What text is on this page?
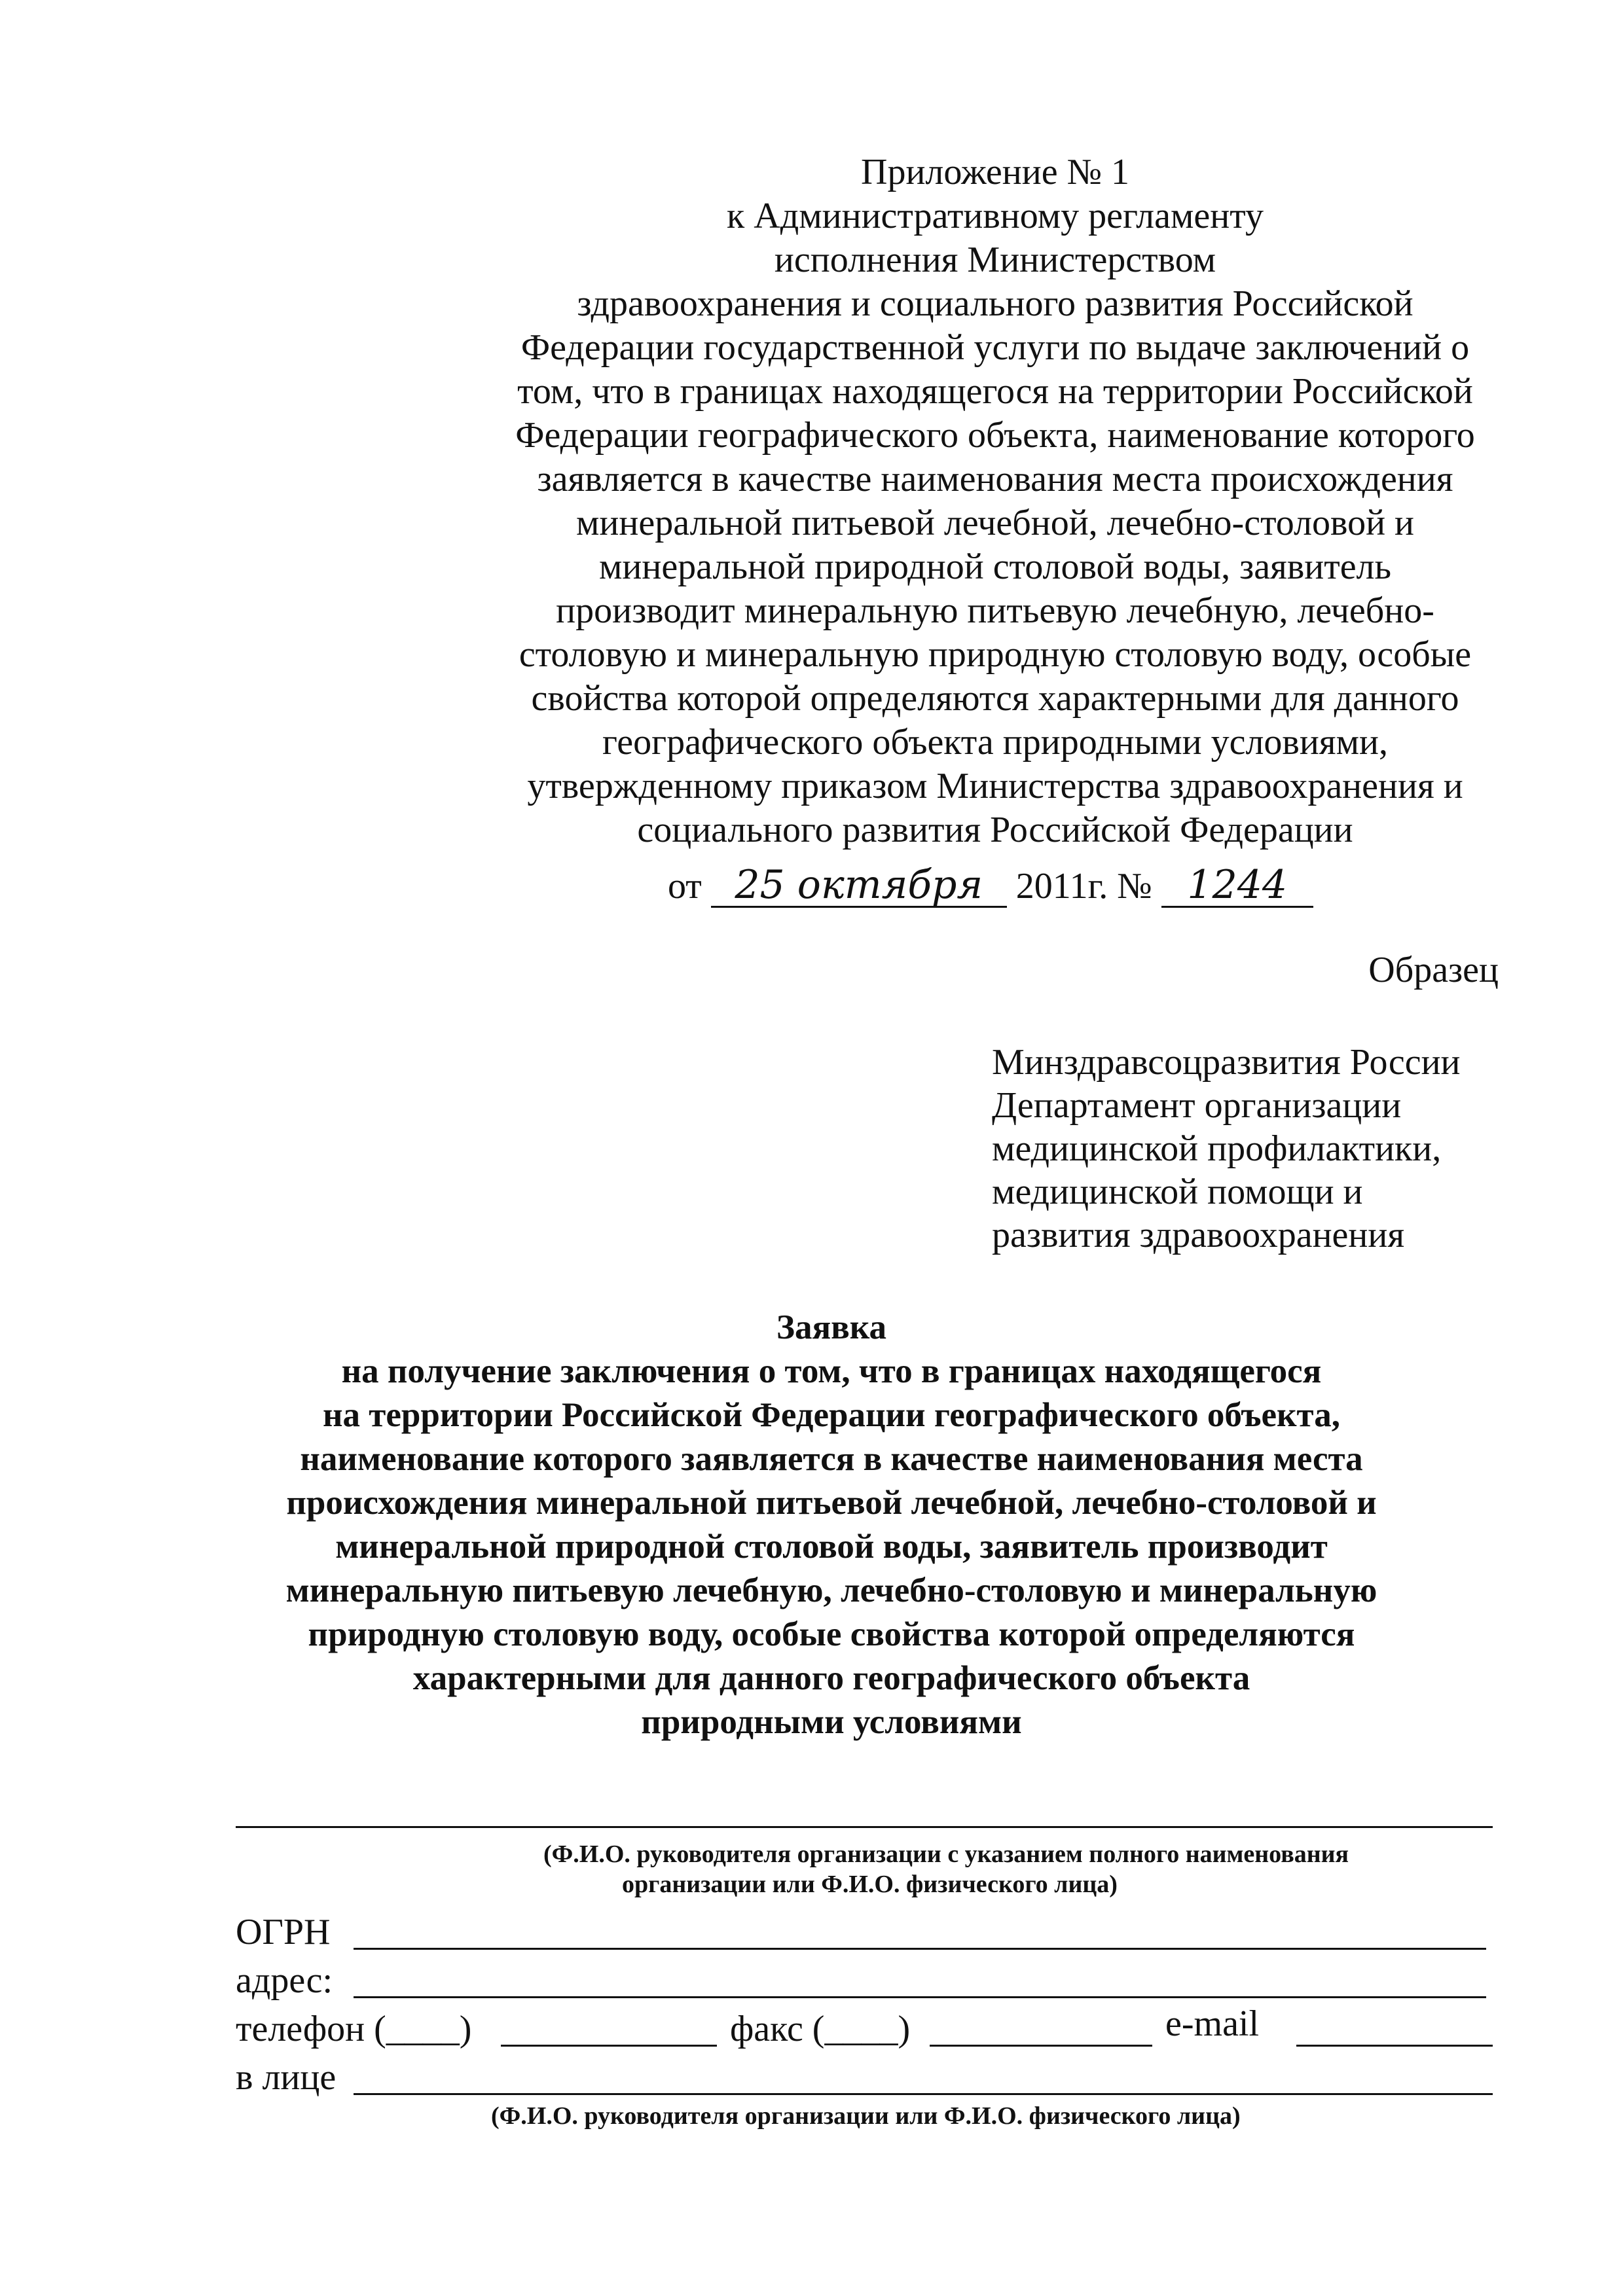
Приложение № 1
к Административному регламенту
исполнения Министерством
здравоохранения и социального развития Российской
Федерации государственной услуги по выдаче заключений о
том, что в границах находящегося на территории Российской
Федерации географического объекта, наименование которого
заявляется в качестве наименования места происхождения
минеральной питьевой лечебной, лечебно-столовой и
минеральной природной столовой воды, заявитель
производит минеральную питьевую лечебную, лечебно-
столовую и минеральную природную столовую воду, особые
свойства которой определяются характерными для данного
географического объекта природными условиями,
утвержденному приказом Министерства здравоохранения и
социального развития Российской Федерации
от 25 октября 2011г. № 1244
Образец
Минздравсоцразвития России
Департамент организации
медицинской профилактики,
медицинской помощи и
развития здравоохранения
Заявка
на получение заключения о том, что в границах находящегося
на территории Российской Федерации географического объекта,
наименование которого заявляется в качестве наименования места
происхождения минеральной питьевой лечебной, лечебно-столовой и
минеральной природной столовой воды, заявитель производит
минеральную питьевую лечебную, лечебно-столовую и минеральную
природную столовую воду, особые свойства которой определяются
характерными для данного географического объекта
природными условиями
(Ф.И.О. руководителя организации с указанием полного наименования
организации или Ф.И.О. физического лица)
ОГРН
адрес:
телефон (____)	факс (____)	e-mail
в лице
(Ф.И.О. руководителя организации или Ф.И.О. физического лица)
